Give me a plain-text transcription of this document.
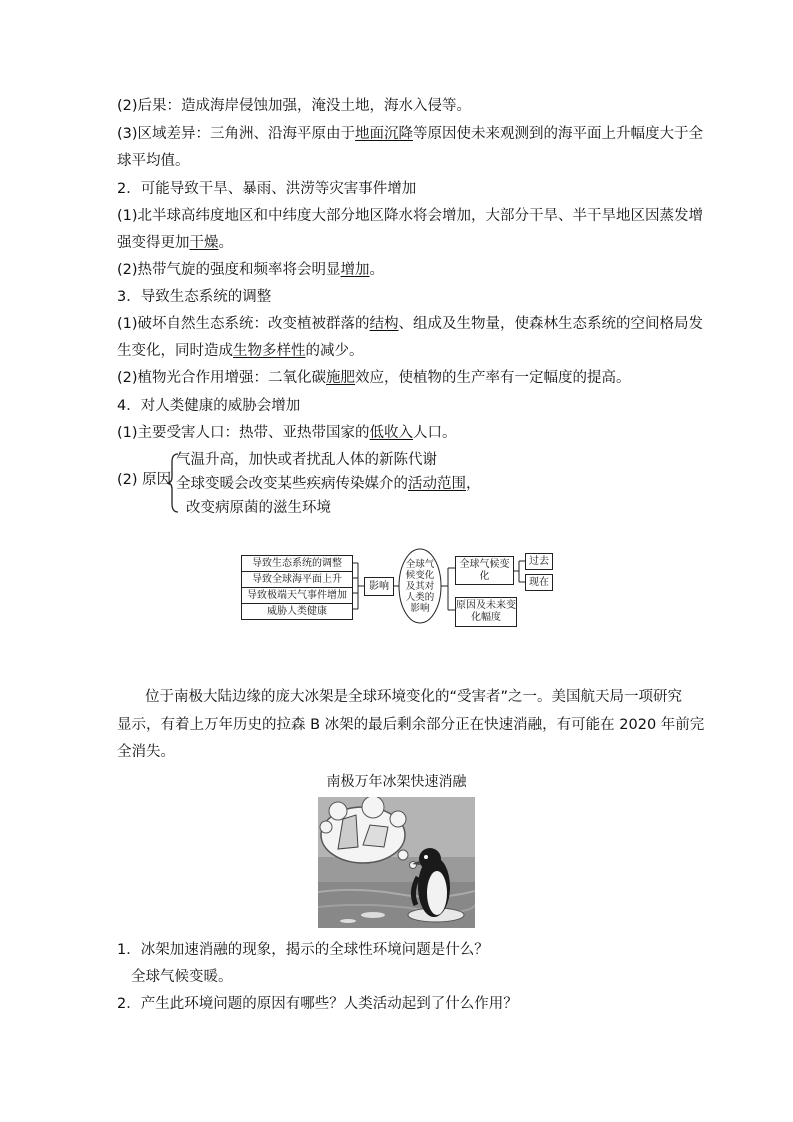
(2)后果：造成海岸侵蚀加强，淹没土地，海水入侵等。
(3)区域差异：三角洲、沿海平原由于地面沉降等原因使未来观测到的海平面上升幅度大于全
球平均值。
2．可能导致干旱、暴雨、洪涝等灾害事件增加
(1)北半球高纬度地区和中纬度大部分地区降水将会增加，大部分干旱、半干旱地区因蒸发增
强变得更加干燥。
(2)热带气旋的强度和频率将会明显增加。
3．导致生态系统的调整
(1)破坏自然生态系统：改变植被群落的结构、组成及生物量，使森林生态系统的空间格局发
生变化，同时造成生物多样性的减少。
(2)植物光合作用增强：二氧化碳施肥效应，使植物的生产率有一定幅度的提高。
4．对人类健康的威胁会增加
(1)主要受害人口：热带、亚热带国家的低收入人口。
(2) 原因
气温升高，加快或者扰乱人体的新陈代谢
全球变暖会改变某些疾病传染媒介的活动范围，
改变病原菌的滋生环境
导致生态系统的调整
导致全球海平面上升
导致极端天气事件增加
威胁人类健康
影响
全球气候变化及其对人类的影响
全球气候变化
原因及未来变化幅度
过去
现在
位于南极大陆边缘的庞大冰架是全球环境变化的“受害者”之一。美国航天局一项研究
显示，有着上万年历史的拉森 B 冰架的最后剩余部分正在快速消融，有可能在 2020 年前完
全消失。
南极万年冰架快速消融
1．冰架加速消融的现象，揭示的全球性环境问题是什么？
全球气候变暖。
2．产生此环境问题的原因有哪些？人类活动起到了什么作用？
